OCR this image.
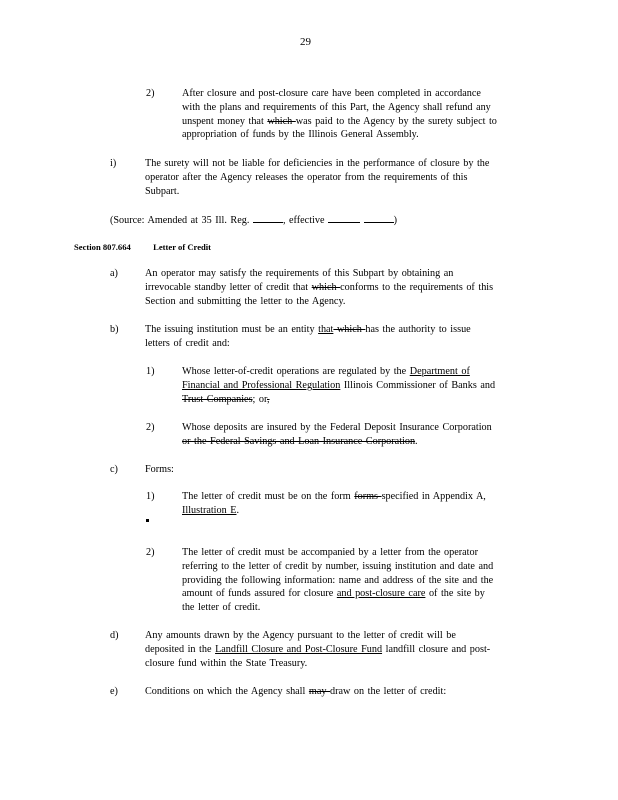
29
2)	After closure and post-closure care have been completed in accordance
with the plans and requirements of this Part, the Agency shall refund any
unspent money that which was paid to the Agency by the surety subject to
appropriation of funds by the Illinois General Assembly.
i)	The surety will not be liable for deficiencies in the performance of closure by the
operator after the Agency releases the operator from the requirements of this
Subpart.
(Source: Amended at 35 Ill. Reg.	, effective	)
Section 807.664	Letter of Credit
a)	An operator may satisfy the requirements of this Subpart by obtaining an
irrevocable standby letter of credit that which conforms to the requirements of this
Section and submitting the letter to the Agency.
b)	The issuing institution must be an entity that which has the authority to issue
letters of credit and:
1)	Whose letter-of-credit operations are regulated by the Department of
Financial and Professional Regulation Illinois Commissioner of Banks and
Trust Companies; or,
2)	Whose deposits are insured by the Federal Deposit Insurance Corporation
or the Federal Savings and Loan Insurance Corporation.
c)	Forms:
1)	The letter of credit must be on the form forms specified in Appendix A,
Illustration E.
2)	The letter of credit must be accompanied by a letter from the operator
referring to the letter of credit by number, issuing institution and date and
providing the following information: name and address of the site and the
amount of funds assured for closure and post-closure care of the site by
the letter of credit.
d)	Any amounts drawn by the Agency pursuant to the letter of credit will be
deposited in the Landfill Closure and Post-Closure Fund landfill closure and post-
closure fund within the State Treasury.
e)	Conditions on which the Agency shall may draw on the letter of credit:
